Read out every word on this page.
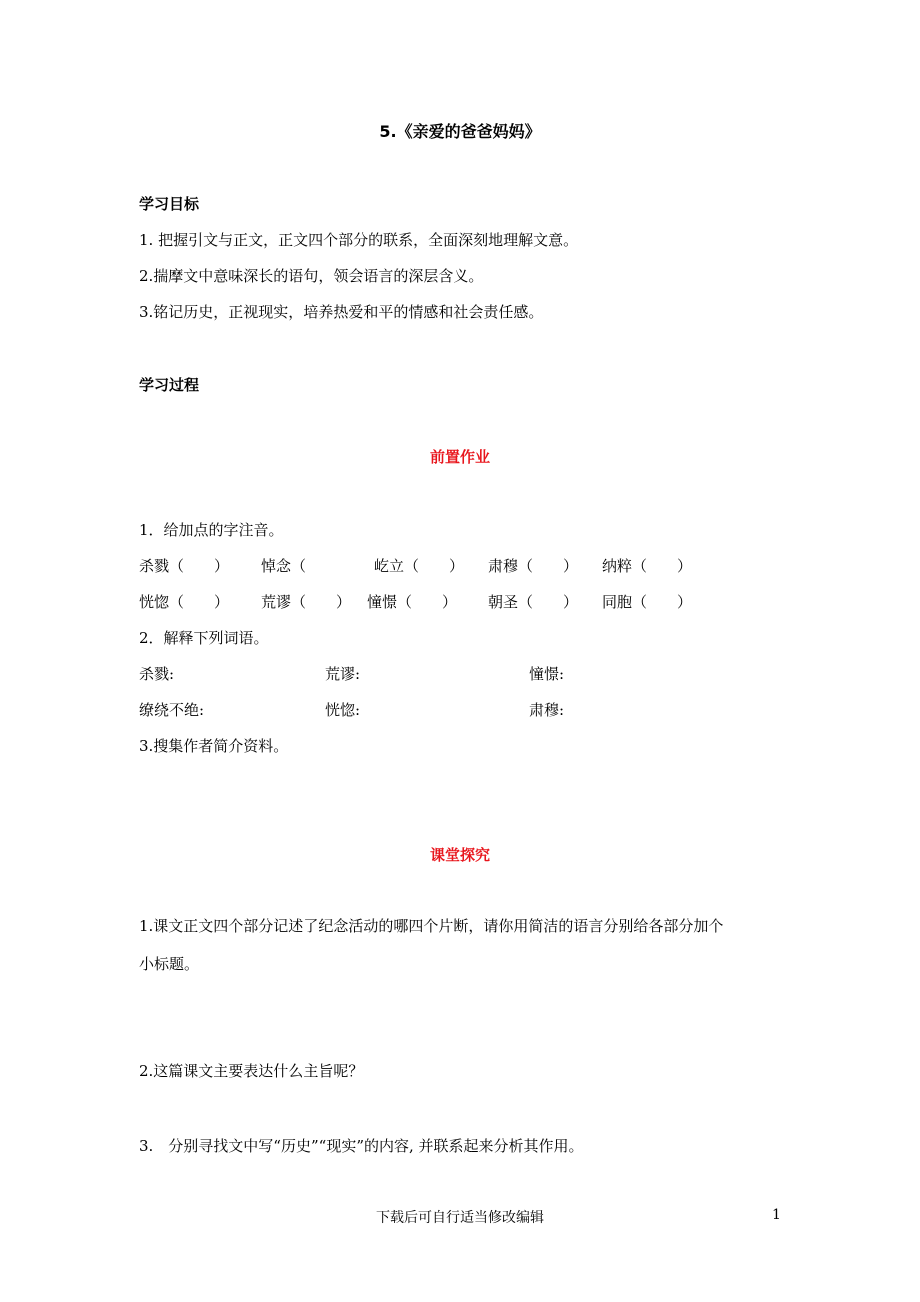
5.《亲爱的爸爸妈妈》
学习目标
1. 把握引文与正文，正文四个部分的联系，全面深刻地理解文意。
2.揣摩文中意味深长的语句，领会语言的深层含义。
3.铭记历史，正视现实，培养热爱和平的情感和社会责任感。
学习过程
前置作业
1．给加点的字注音。
杀戮（　　） 悼念（	屹立（　　） 肃穆（　　） 纳粹（　　）
恍惚（　　） 荒谬（　　） 憧憬（　　） 朝圣（　　） 同胞（　　）
2．解释下列词语。
杀戮:	荒谬:	憧憬:
缭绕不绝:	恍惚:	肃穆:
3.搜集作者简介资料。
课堂探究
1.课文正文四个部分记述了纪念活动的哪四个片断，请你用简洁的语言分别给各部分加个
小标题。
2.这篇课文主要表达什么主旨呢？
3.　分别寻找文中写“历史”“现实”的内容, 并联系起来分析其作用。
下载后可自行适当修改编辑	1
